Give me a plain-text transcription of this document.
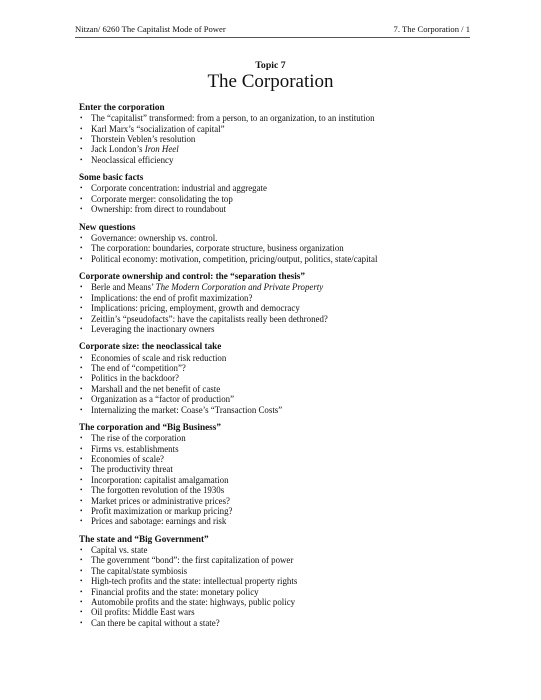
Nitzan/ 6260 The Capitalist Mode of Power	7. The Corporation / 1
Topic 7
The Corporation
Enter the corporation
• The “capitalist” transformed: from a person, to an organization, to an institution
• Karl Marx’s “socialization of capital”
• Thorstein Veblen’s resolution
• Jack London’s Iron Heel
• Neoclassical efficiency
Some basic facts
• Corporate concentration: industrial and aggregate
• Corporate merger: consolidating the top
• Ownership: from direct to roundabout
New questions
• Governance: ownership vs. control.
• The corporation: boundaries, corporate structure, business organization
• Political economy: motivation, competition, pricing/output, politics, state/capital
Corporate ownership and control: the “separation thesis”
• Berle and Means’ The Modern Corporation and Private Property
• Implications: the end of profit maximization?
• Implications: pricing, employment, growth and democracy
• Zeitlin’s “pseudofacts”: have the capitalists really been dethroned?
• Leveraging the inactionary owners
Corporate size: the neoclassical take
• Economies of scale and risk reduction
• The end of “competition”?
• Politics in the backdoor?
• Marshall and the net benefit of caste
• Organization as a “factor of production”
• Internalizing the market: Coase’s “Transaction Costs”
The corporation and “Big Business”
• The rise of the corporation
• Firms vs. establishments
• Economies of scale?
• The productivity threat
• Incorporation: capitalist amalgamation
• The forgotten revolution of the 1930s
• Market prices or administrative prices?
• Profit maximization or markup pricing?
• Prices and sabotage: earnings and risk
The state and “Big Government”
• Capital vs. state
• The government “bond”: the first capitalization of power
• The capital/state symbiosis
• High-tech profits and the state: intellectual property rights
• Financial profits and the state: monetary policy
• Automobile profits and the state: highways, public policy
• Oil profits: Middle East wars
• Can there be capital without a state?
